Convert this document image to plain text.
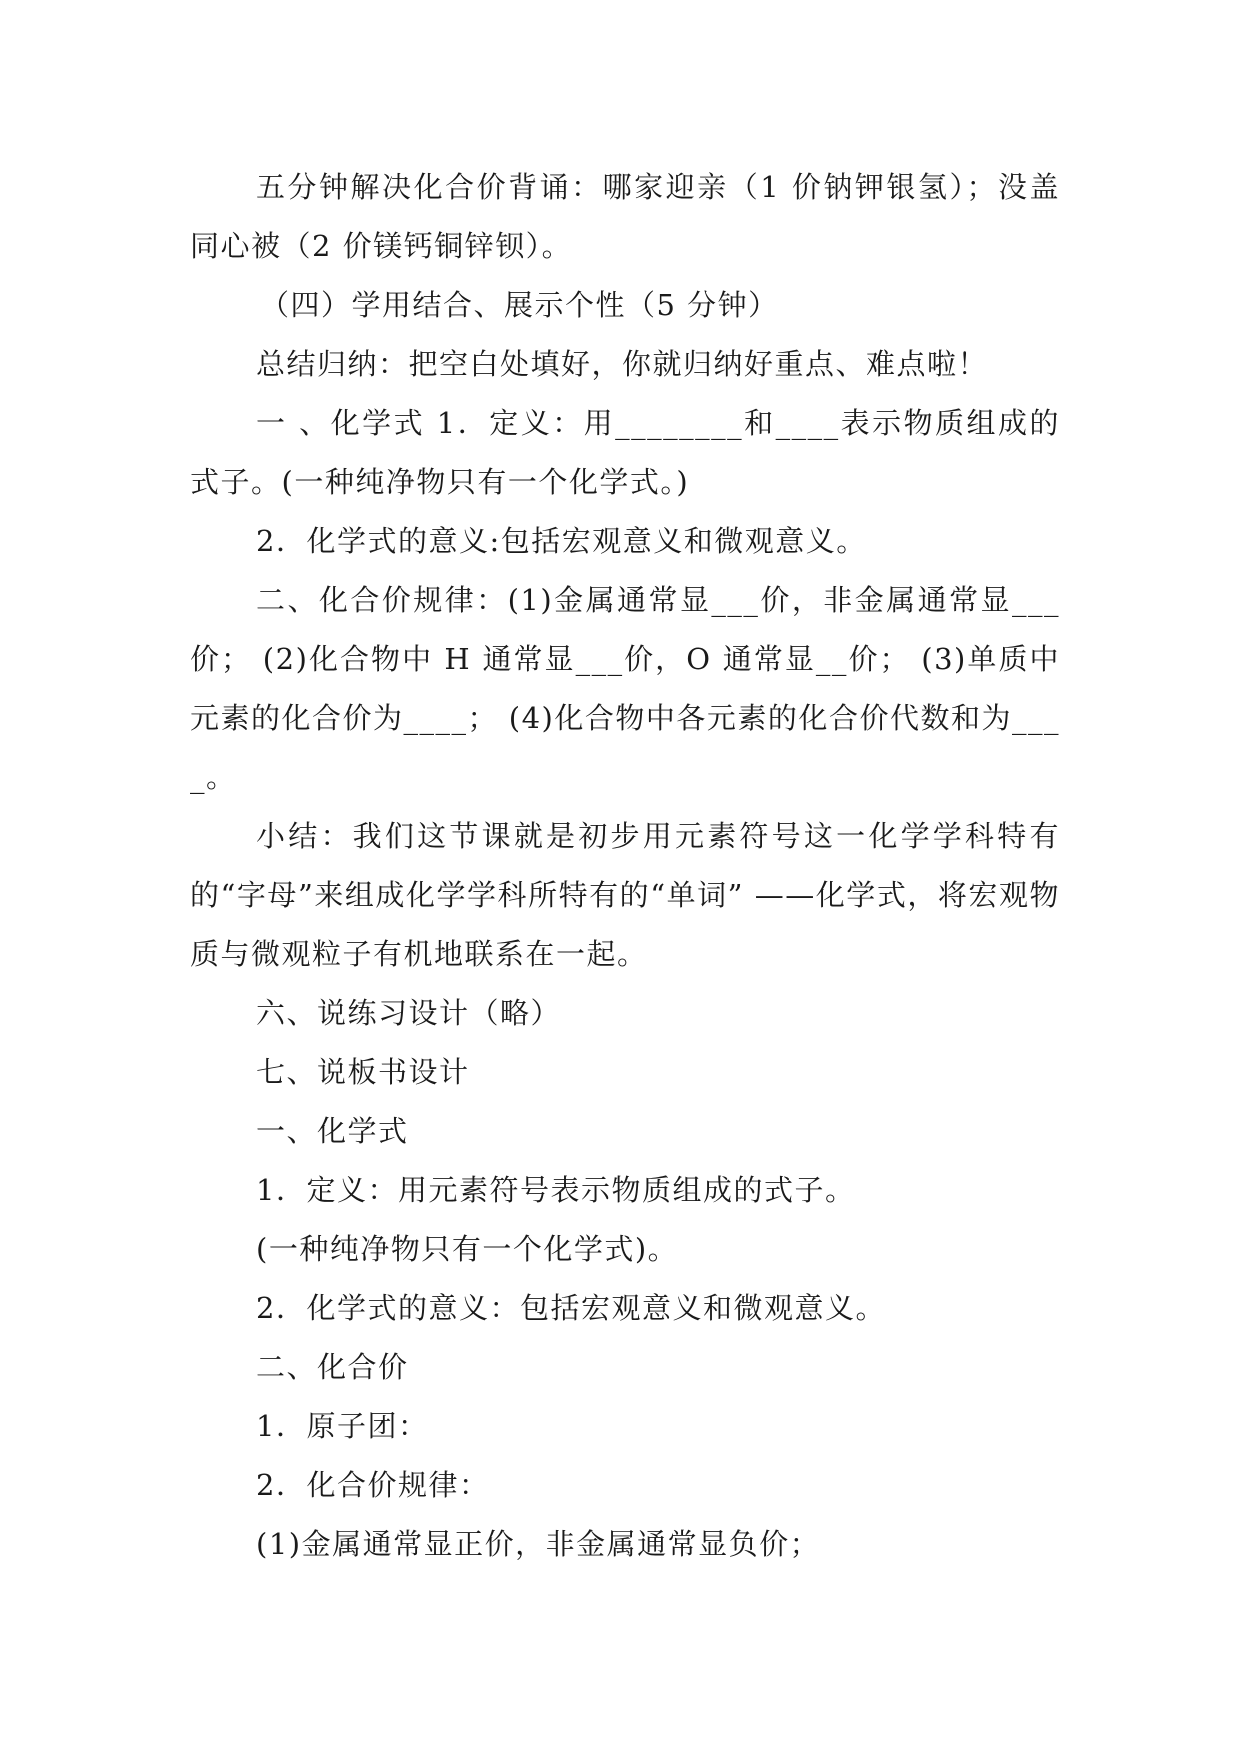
五分钟解决化合价背诵：哪家迎亲（1 价钠钾银氢）；没盖同心被（2 价镁钙铜锌钡）。

（四）学用结合、展示个性（5 分钟）

总结归纳：把空白处填好，你就归纳好重点、难点啦！

一 、化学式 1．定义：用________和____表示物质组成的式子。(一种纯净物只有一个化学式。)

2．化学式的意义:包括宏观意义和微观意义。

二、化合价规律：(1)金属通常显___价，非金属通常显___价； (2)化合物中 H 通常显___价，O 通常显__价； (3)单质中元素的化合价为____； (4)化合物中各元素的化合价代数和为____。

小结：我们这节课就是初步用元素符号这一化学学科特有的“字母”来组成化学学科所特有的“单词” ——化学式，将宏观物质与微观粒子有机地联系在一起。

六、说练习设计（略）

七、说板书设计

一、化学式

1．定义：用元素符号表示物质组成的式子。

(一种纯净物只有一个化学式)。

2．化学式的意义：包括宏观意义和微观意义。

二、化合价

1．原子团：

2．化合价规律：

(1)金属通常显正价，非金属通常显负价；
